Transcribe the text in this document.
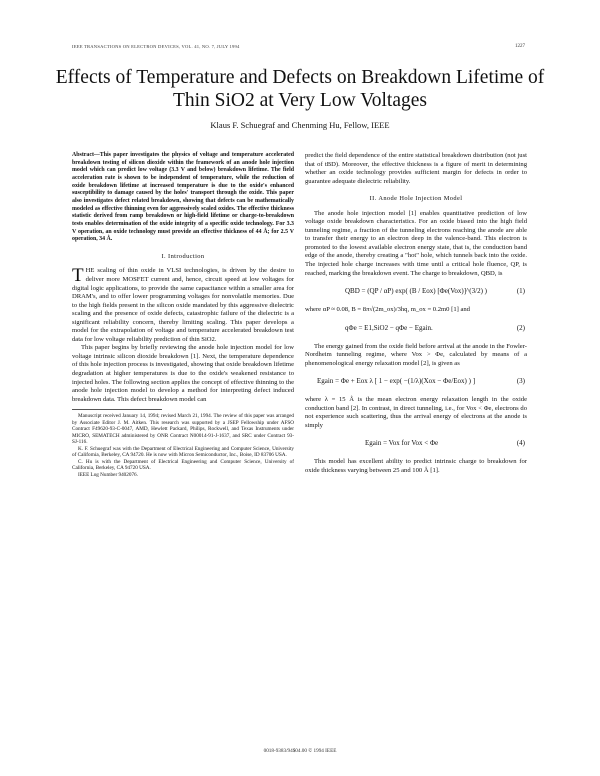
IEEE TRANSACTIONS ON ELECTRON DEVICES, VOL. 41, NO. 7, JULY 1994	1227
Effects of Temperature and Defects on Breakdown Lifetime of Thin SiO2 at Very Low Voltages
Klaus F. Schuegraf and Chenming Hu, Fellow, IEEE

Abstract—This paper investigates the physics of voltage and temperature accelerated breakdown testing of silicon dioxide within the framework of an anode hole injection model which can predict low voltage (3.3 V and below) breakdown lifetime. The field acceleration rate is shown to be independent of temperature, while the reduction of oxide breakdown lifetime at increased temperature is due to the oxide's enhanced susceptibility to damage caused by the holes' transport through the oxide. This paper also investigates defect related breakdown, showing that defects can be mathematically modeled as effective thinning even for aggressively scaled oxides. The effective thickness statistic derived from ramp breakdown or high-field lifetime or charge-to-breakdown tests enables determination of the oxide integrity of a specific oxide technology. For 3.3 V operation, an oxide technology must provide an effective thickness of 44 Å; for 2.5 V operation, 34 Å.

I. Introduction

THE scaling of thin oxide in VLSI technologies, is driven by the desire to deliver more MOSFET current and, hence, circuit speed at low voltages for digital logic applications, to provide the same capacitance within a smaller area for DRAM's, and to offer lower programming voltages for nonvolatile memories. Due to the high fields present in the silicon oxide mandated by this aggressive dielectric scaling and the presence of oxide defects, catastrophic failure of the dielectric is a significant reliability concern, thereby limiting scaling. This paper develops a model for the extrapolation of voltage and temperature accelerated breakdown test data for low voltage reliability prediction of thin SiO2.

This paper begins by briefly reviewing the anode hole injection model for low voltage intrinsic silicon dioxide breakdown [1]. Next, the temperature dependence of this hole injection process is investigated, showing that oxide breakdown lifetime degradation at higher temperatures is due to the oxide's weakened resistance to injected holes. The following section applies the concept of effective thinning to the anode hole injection model to develop a method for interpreting defect induced breakdown data. This defect breakdown model can

Manuscript received January 14, 1994; revised March 21, 1994. The review of this paper was arranged by Associate Editor J. M. Aitken. This research was supported by a JSEP Fellowship under AFSO Contract F49620-93-C-0047, AMD, Hewlett Packard, Philips, Rockwell, and Texas Instruments under MICRO, SEMATECH administered by ONR Contract N00014-91-J-1637, and SRC under Contract 93-SJ-116.

K. F. Schuegraf was with the Department of Electrical Engineering and Computer Science, University of California, Berkeley, CA 94720. He is now with Micron Semiconductor, Inc., Boise, ID 83706 USA.

C. Hu is with the Department of Electrical Engineering and Computer Science, University of California, Berkeley, CA 94720 USA.

IEEE Log Number 9402076.

predict the field dependence of the entire statistical breakdown distribution (not just that of tBD). Moreover, the effective thickness is a figure of merit in determining whether an oxide technology provides sufficient margin for defects in order to guarantee adequate dielectric reliability.

II. Anode Hole Injection Model

The anode hole injection model [1] enables quantitative prediction of low voltage oxide breakdown characteristics. For an oxide biased into the high field tunneling regime, a fraction of the tunneling electrons reaching the anode are able to transfer their energy to an electron deep in the valence-band. This electron is promoted to the lowest available electron energy state, that is, the conduction band edge of the anode, thereby creating a "hot" hole, which tunnels back into the oxide. The injected hole charge increases with time until a critical hole fluence, QP, is reached, marking the breakdown event. The charge to breakdown, QBD, is

QBD = (QP / αP) exp( (B / Eox) [Φe(Vox)]^(3/2) )	(1)

where αP ≈ 0.08, B = 8π√(2m_ox)/3hq, m_ox = 0.2m0 [1] and

qΦe = E1,SiO2 − qΦe − Egain.	(2)

The energy gained from the oxide field before arrival at the anode in the Fowler-Nordheim tunneling regime, where Vox > Φe, calculated by means of a phenomenological energy relaxation model [2], is given as

Egain = Φe + Eox λ [ 1 − exp( −(1/λ)(Xox − Φe/Eox) ) ]	(3)

where λ = 15 Å is the mean electron energy relaxation length in the oxide conduction band [2]. In contrast, in direct tunneling, i.e., for Vox < Φe, electrons do not experience such scattering, thus the arrival energy of electrons at the anode is simply

Egain = Vox for Vox < Φe	(4)

This model has excellent ability to predict intrinsic charge to breakdown for oxide thickness varying between 25 and 100 Å [1].

0018-9383/94$04.00 © 1994 IEEE
